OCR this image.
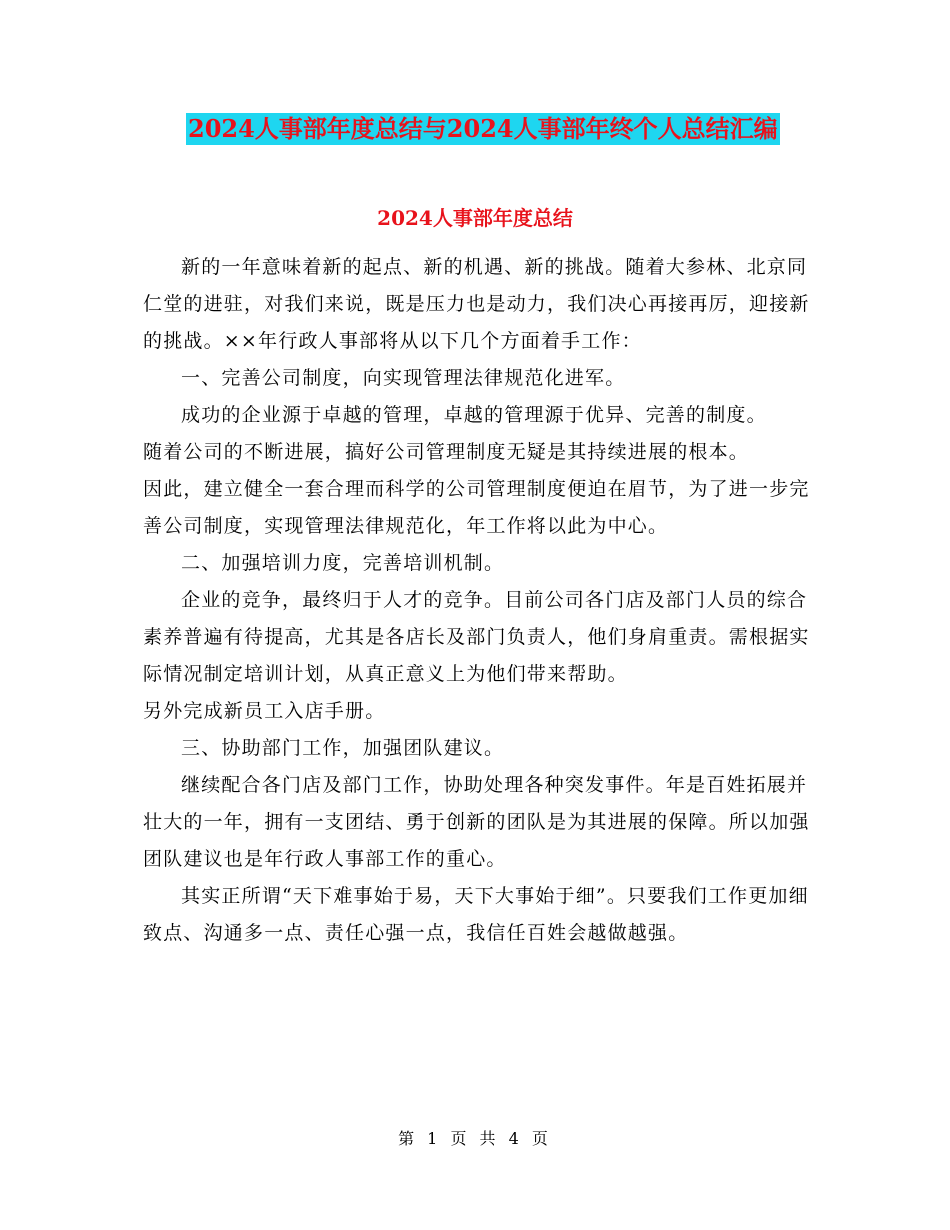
2024人事部年度总结与2024人事部年终个人总结汇编
2024人事部年度总结

新的一年意味着新的起点、新的机遇、新的挑战。随着大参林、北京同仁堂的进驻，对我们来说，既是压力也是动力，我们决心再接再厉，迎接新的挑战。××年行政人事部将从以下几个方面着手工作：

一、完善公司制度，向实现管理法律规范化进军。

成功的企业源于卓越的管理，卓越的管理源于优异、完善的制度。

随着公司的不断进展，搞好公司管理制度无疑是其持续进展的根本。

因此，建立健全一套合理而科学的公司管理制度便迫在眉节，为了进一步完善公司制度，实现管理法律规范化，年工作将以此为中心。

二、加强培训力度，完善培训机制。

企业的竞争，最终归于人才的竞争。目前公司各门店及部门人员的综合素养普遍有待提高，尤其是各店长及部门负责人，他们身肩重责。需根据实际情况制定培训计划，从真正意义上为他们带来帮助。

另外完成新员工入店手册。

三、协助部门工作，加强团队建议。

继续配合各门店及部门工作，协助处理各种突发事件。年是百姓拓展并壮大的一年，拥有一支团结、勇于创新的团队是为其进展的保障。所以加强团队建议也是年行政人事部工作的重心。

其实正所谓“天下难事始于易，天下大事始于细”。只要我们工作更加细致点、沟通多一点、责任心强一点，我信任百姓会越做越强。

第 1 页 共 4 页
